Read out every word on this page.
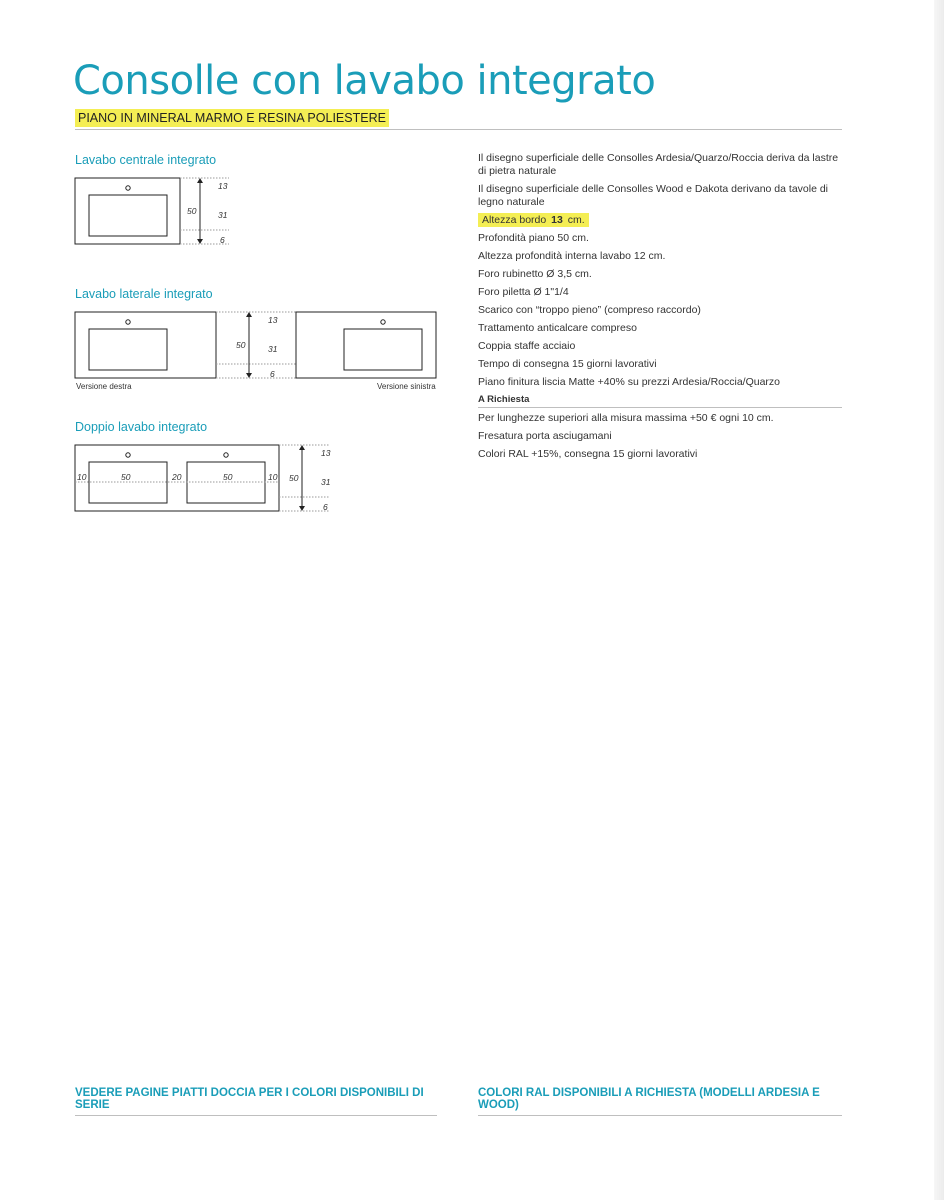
Consolle con lavabo integrato
PIANO IN MINERAL MARMO E RESINA POLIESTERE
Lavabo centrale integrato
50
13
31
6
Lavabo laterale integrato
50
13
31
6
Versione destra	Versione sinistra
Doppio lavabo integrato
10	50	20	50	10 50
13
31
6

Il disegno superficiale delle Consolles Ardesia/Quarzo/Roccia deriva da lastre di pietra naturale

Il disegno superficiale delle Consolles Wood e Dakota derivano da tavole di legno naturale

Altezza bordo 13 cm.

Profondità piano 50 cm.

Altezza profondità interna lavabo 12 cm.

Foro rubinetto Ø 3,5 cm.

Foro piletta Ø 1"1/4

Scarico con “troppo pieno” (compreso raccordo)

Trattamento anticalcare compreso

Coppia staffe acciaio

Tempo di consegna 15 giorni lavorativi

Piano finitura liscia Matte +40% su prezzi Ardesia/Roccia/Quarzo

A Richiesta

Per lunghezze superiori alla misura massima +50 € ogni 10 cm.

Fresatura porta asciugamani

Colori RAL +15%, consegna 15 giorni lavorativi

VEDERE PAGINE PIATTI DOCCIA PER I COLORI DISPONIBILI DI SERIE
COLORI RAL DISPONIBILI A RICHIESTA (MODELLI ARDESIA E WOOD)
